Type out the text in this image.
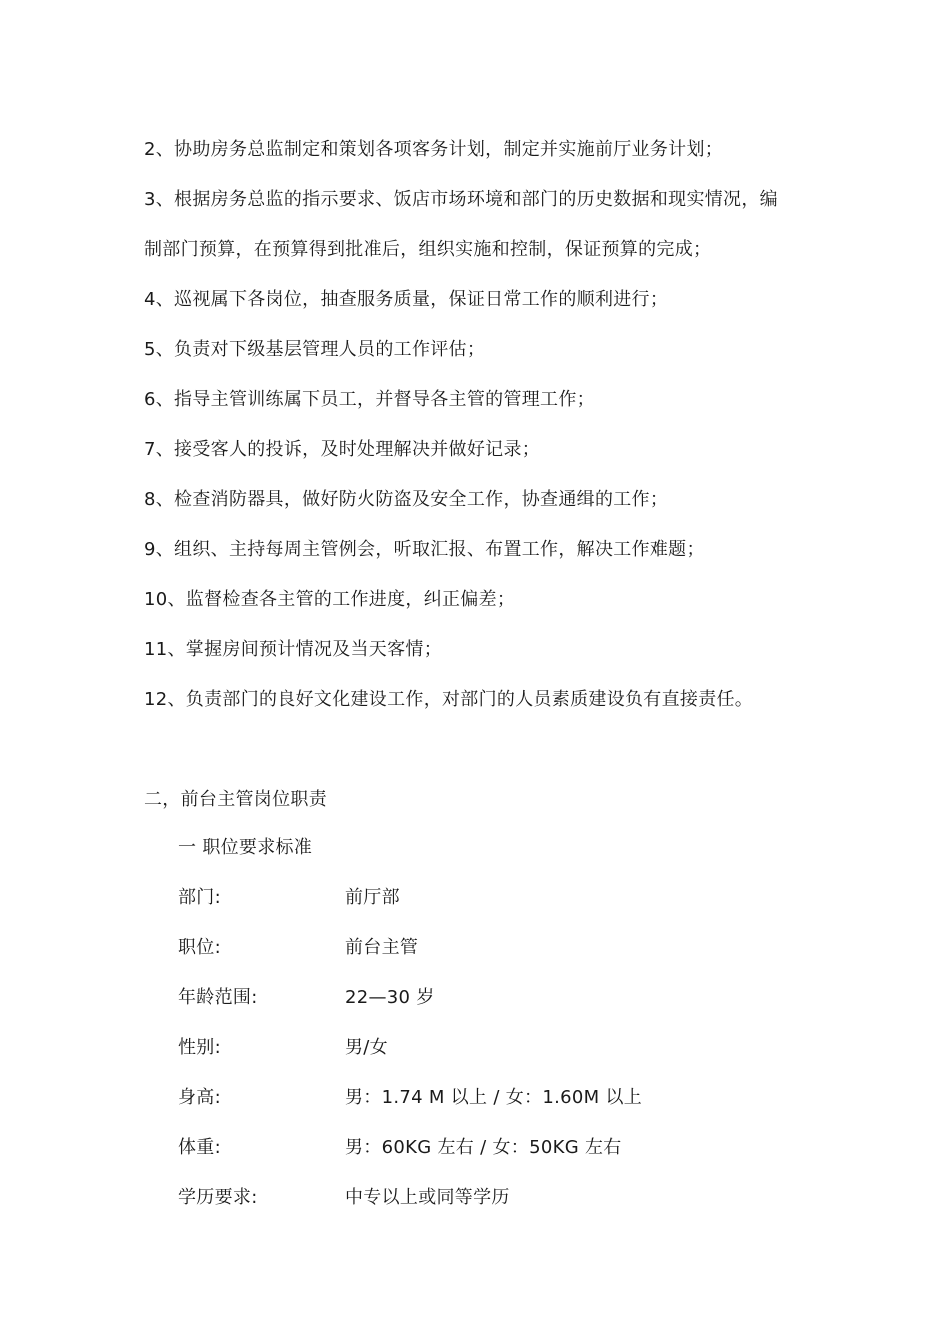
2、协助房务总监制定和策划各项客务计划，制定并实施前厅业务计划；
3、根据房务总监的指示要求、饭店市场环境和部门的历史数据和现实情况，编
制部门预算，在预算得到批准后，组织实施和控制，保证预算的完成；
4、巡视属下各岗位，抽查服务质量，保证日常工作的顺利进行；
5、负责对下级基层管理人员的工作评估；
6、指导主管训练属下员工，并督导各主管的管理工作；
7、接受客人的投诉，及时处理解决并做好记录；
8、检查消防器具，做好防火防盗及安全工作，协查通缉的工作；
9、组织、主持每周主管例会，听取汇报、布置工作，解决工作难题；
10、监督检查各主管的工作进度，纠正偏差；
11、掌握房间预计情况及当天客情；
12、负责部门的良好文化建设工作，对部门的人员素质建设负有直接责任。
二，前台主管岗位职责
一 职位要求标准
部门:	前厅部
职位:	前台主管
年龄范围:	22—30 岁
性别:	男/女
身高:	男：1.74 M 以上 / 女：1.60M 以上
体重:	男：60KG 左右 / 女：50KG 左右
学历要求:	中专以上或同等学历
